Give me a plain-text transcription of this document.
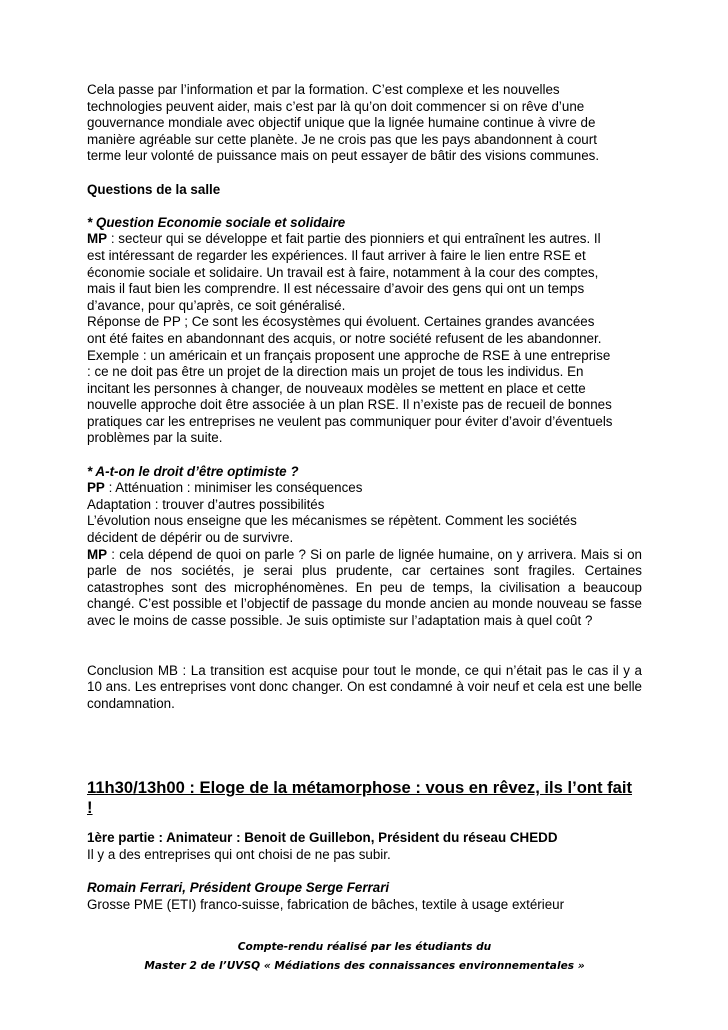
Cela passe par l’information et par la formation. C’est complexe et les nouvelles

technologies peuvent aider, mais c’est par là qu’on doit commencer si on rêve d’une

gouvernance mondiale avec objectif unique que la lignée humaine continue à vivre de

manière agréable sur cette planète. Je ne crois pas que les pays abandonnent à court

terme leur volonté de puissance mais on peut essayer de bâtir des visions communes.

Questions de la salle

* Question Economie sociale et solidaire

MP : secteur qui se développe et fait partie des pionniers et qui entraînent les autres. Il

est intéressant de regarder les expériences. Il faut arriver à faire le lien entre RSE et

économie sociale et solidaire. Un travail est à faire, notamment à la cour des comptes,

mais il faut bien les comprendre. Il est nécessaire d’avoir des gens qui ont un temps

d’avance, pour qu’après, ce soit généralisé.

Réponse de PP ; Ce sont les écosystèmes qui évoluent. Certaines grandes avancées

ont été faites en abandonnant des acquis, or notre société refusent de les abandonner.

Exemple : un américain et un français proposent une approche de RSE à une entreprise

: ce ne doit pas être un projet de la direction mais un projet de tous les individus. En

incitant les personnes à changer, de nouveaux modèles se mettent en place et cette

nouvelle approche doit être associée à un plan RSE. Il n’existe pas de recueil de bonnes

pratiques car les entreprises ne veulent pas communiquer pour éviter d’avoir d’éventuels

problèmes par la suite.

* A-t-on le droit d’être optimiste ?

PP : Atténuation : minimiser les conséquences

Adaptation : trouver d’autres possibilités

L’évolution nous enseigne que les mécanismes se répètent. Comment les sociétés

décident de dépérir ou de survivre.

MP : cela dépend de quoi on parle ? Si on parle de lignée humaine, on y arrivera. Mais si on parle de nos sociétés, je serai plus prudente, car certaines sont fragiles. Certaines catastrophes sont des microphénomènes. En peu de temps, la civilisation a beaucoup changé. C’est possible et l’objectif de passage du monde ancien au monde nouveau se fasse avec le moins de casse possible. Je suis optimiste sur l’adaptation mais à quel coût ?

Conclusion MB : La transition est acquise pour tout le monde, ce qui n’était pas le cas il y a 10 ans. Les entreprises vont donc changer. On est condamné à voir neuf et cela est une belle condamnation.

11h30/13h00 : Eloge de la métamorphose : vous en rêvez, ils l’ont fait !

1ère partie : Animateur : Benoit de Guillebon, Président du réseau CHEDD

Il y a des entreprises qui ont choisi de ne pas subir.

Romain Ferrari, Président Groupe Serge Ferrari

Grosse PME (ETI) franco-suisse, fabrication de bâches, textile à usage extérieur

Compte-rendu réalisé par les étudiants du

Master 2 de l’UVSQ « Médiations des connaissances environnementales »
